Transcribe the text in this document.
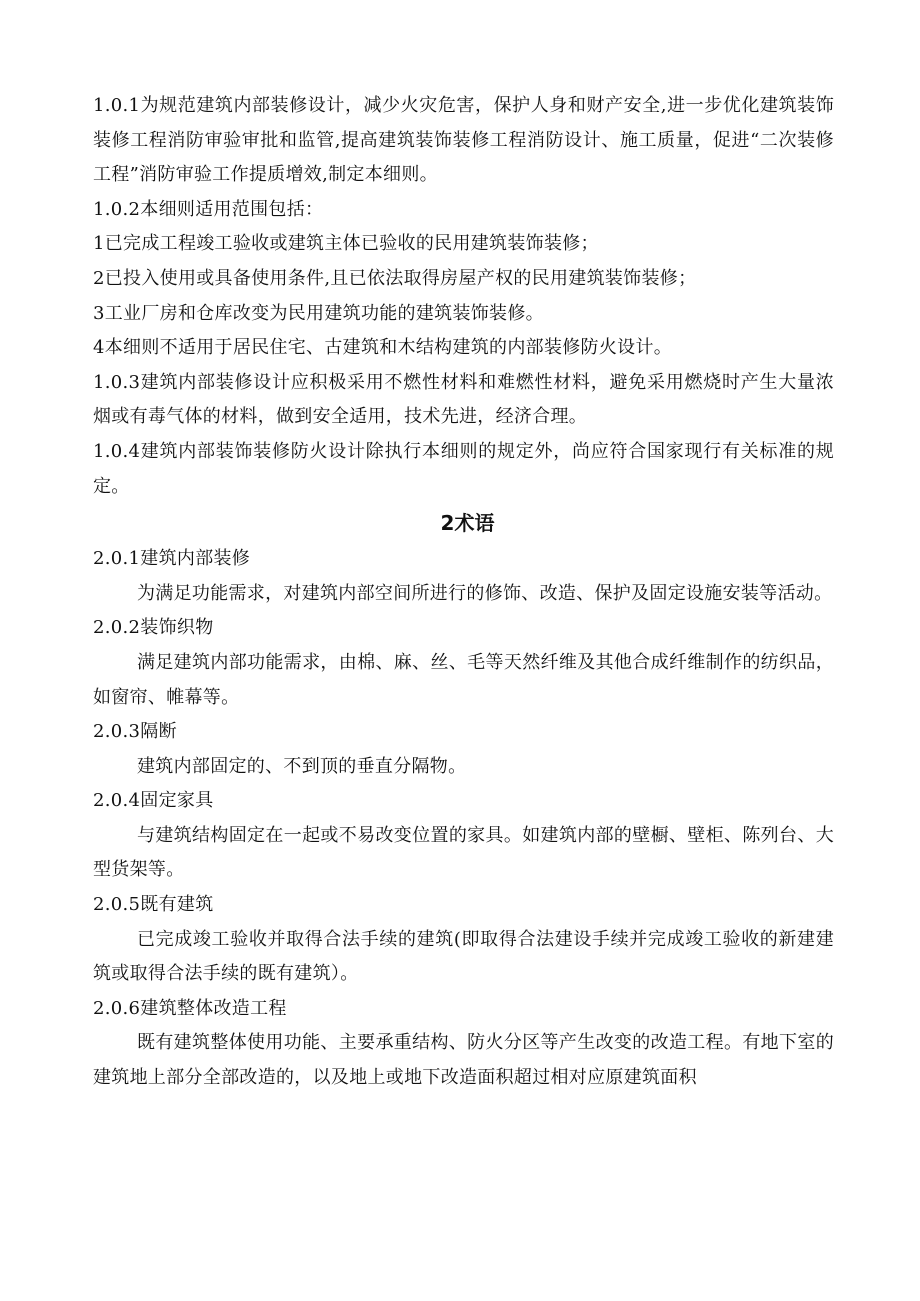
1.0.1为规范建筑内部装修设计，减少火灾危害，保护人身和财产安全,进一步优化建筑装饰装修工程消防审验审批和监管,提高建筑装饰装修工程消防设计、施工质量，促进“二次装修工程”消防审验工作提质增效,制定本细则。

1.0.2本细则适用范围包括：

1已完成工程竣工验收或建筑主体已验收的民用建筑装饰装修；

2已投入使用或具备使用条件,且已依法取得房屋产权的民用建筑装饰装修；

3工业厂房和仓库改变为民用建筑功能的建筑装饰装修。

4本细则不适用于居民住宅、古建筑和木结构建筑的内部装修防火设计。

1.0.3建筑内部装修设计应积极采用不燃性材料和难燃性材料，避免采用燃烧时产生大量浓烟或有毒气体的材料，做到安全适用，技术先进，经济合理。

1.0.4建筑内部装饰装修防火设计除执行本细则的规定外，尚应符合国家现行有关标准的规定。

2术语

2.0.1建筑内部装修

为满足功能需求，对建筑内部空间所进行的修饰、改造、保护及固定设施安装等活动。

2.0.2装饰织物

满足建筑内部功能需求，由棉、麻、丝、毛等天然纤维及其他合成纤维制作的纺织品，如窗帘、帷幕等。

2.0.3隔断

建筑内部固定的、不到顶的垂直分隔物。

2.0.4固定家具

与建筑结构固定在一起或不易改变位置的家具。如建筑内部的壁橱、壁柜、陈列台、大型货架等。

2.0.5既有建筑

已完成竣工验收并取得合法手续的建筑(即取得合法建设手续并完成竣工验收的新建建筑或取得合法手续的既有建筑）。

2.0.6建筑整体改造工程

既有建筑整体使用功能、主要承重结构、防火分区等产生改变的改造工程。有地下室的建筑地上部分全部改造的，以及地上或地下改造面积超过相对应原建筑面积
